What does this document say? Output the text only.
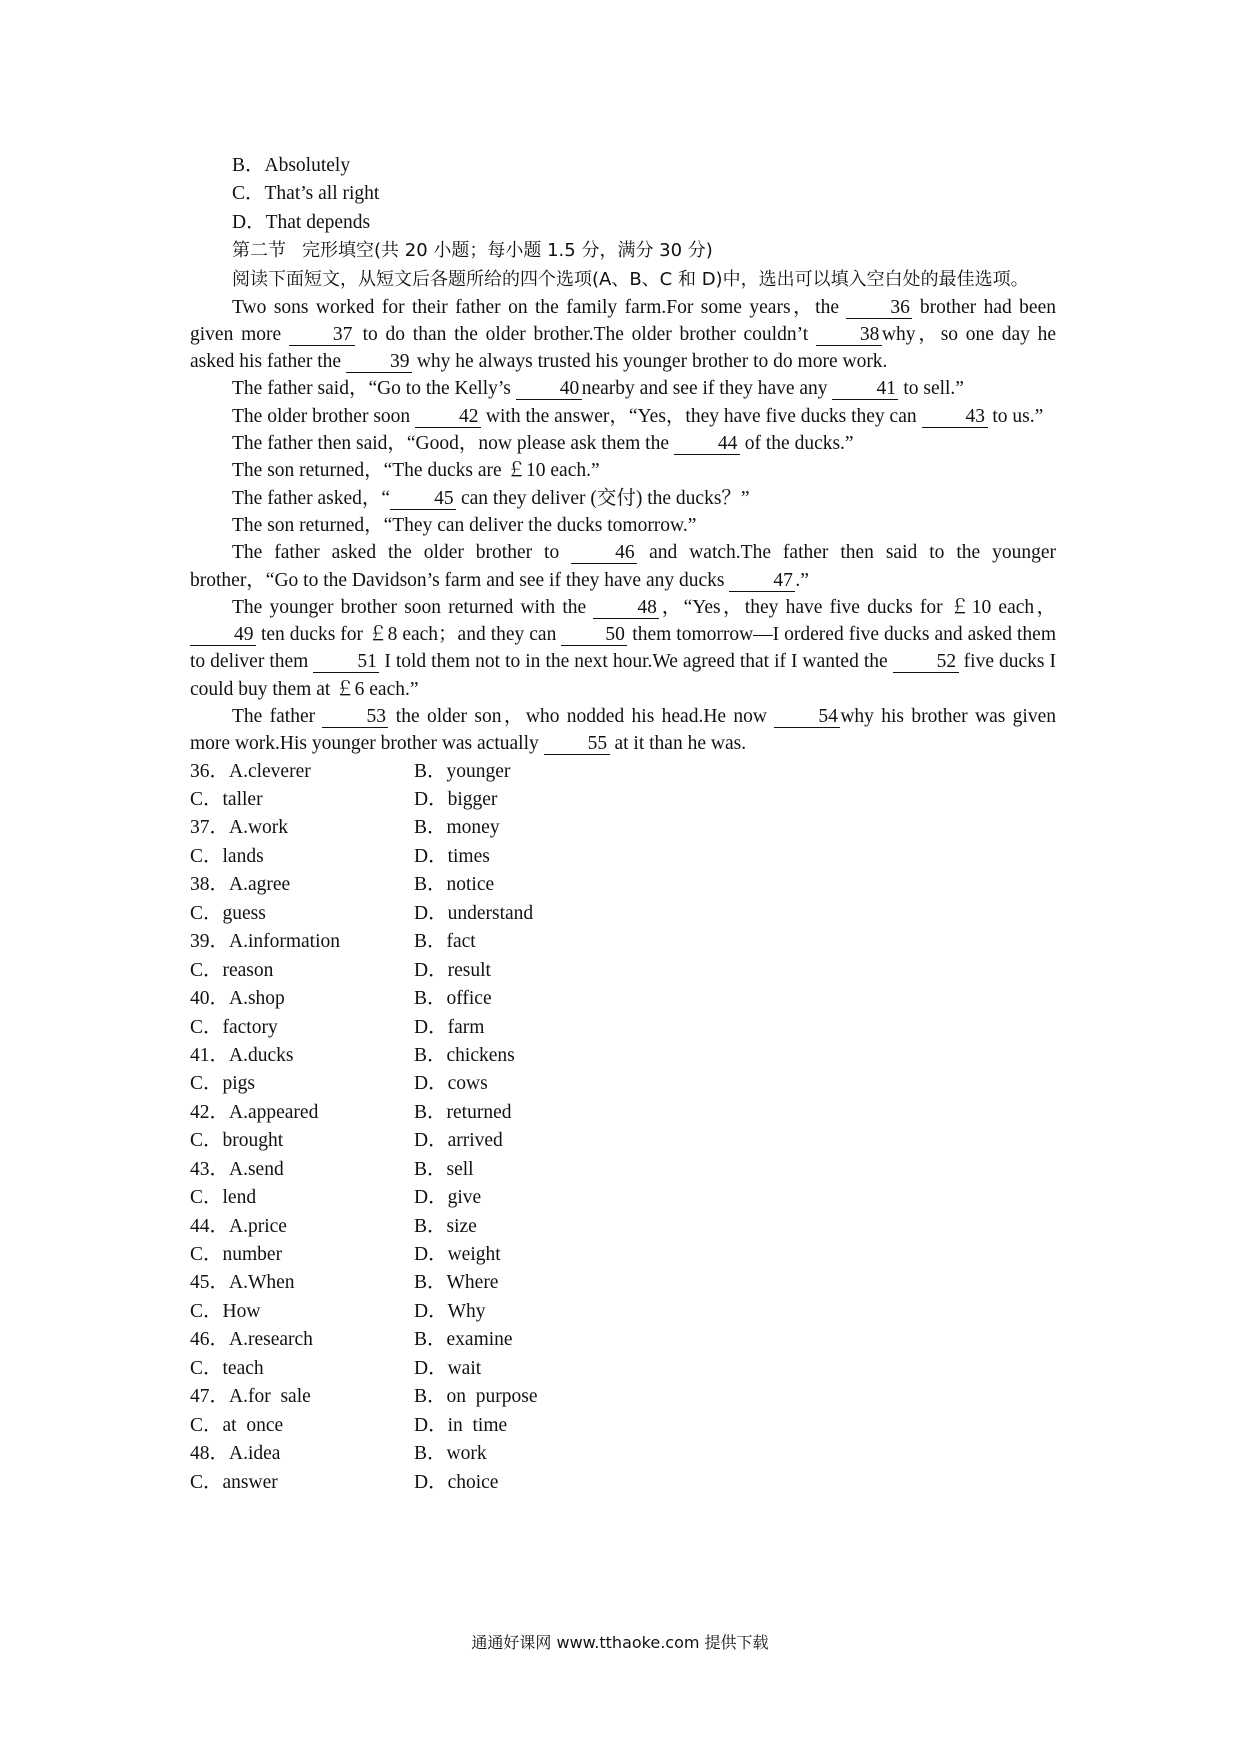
B．Absolutely
C．That’s all right
D．That depends
第二节 完形填空(共 20 小题；每小题 1.5 分，满分 30 分)

阅读下面短文，从短文后各题所给的四个选项(A、B、C 和 D)中，选出可以填入空白处的最佳选项。

Two sons worked for their father on the family farm.For some years，the 36 brother had been given more 37 to do than the older brother.The older brother couldn’t 38 why，so one day he asked his father the 39 why he always trusted his younger brother to do more work.

The father said，“Go to the Kelly’s 40 nearby and see if they have any 41 to sell.”

The older brother soon 42 with the answer，“Yes，they have five ducks they can 43 to us.”

The father then said，“Good，now please ask them the 44 of the ducks.”

The son returned，“The ducks are ￡10 each.”

The father asked，“ 45 can they deliver (交付) the ducks？”

The son returned，“They can deliver the ducks tomorrow.”

The father asked the older brother to 46 and watch.The father then said to the younger brother，“Go to the Davidson’s farm and see if they have any ducks 47 .”

The younger brother soon returned with the 48 ，“Yes，they have five ducks for ￡10 each，49 ten ducks for ￡8 each；and they can 50 them tomorrow—I ordered five ducks and asked them to deliver them 51 I told them not to in the next hour.We agreed that if I wanted the 52 five ducks I could buy them at ￡6 each.”

The father 53 the older son，who nodded his head.He now 54 why his brother was given more work.His younger brother was actually 55 at it than he was.

36．A.cleverer	B．younger
C．taller	D．bigger
37．A.work	B．money
C．lands	D．times
38．A.agree	B．notice
C．guess	D．understand
39．A.information	B．fact
C．reason	D．result
40．A.shop	B．office
C．factory	D．farm
41．A.ducks	B．chickens
C．pigs	D．cows
42．A.appeared	B．returned
C．brought	D．arrived
43．A.send	B．sell
C．lend	D．give
44．A.price	B．size
C．number	D．weight
45．A.When	B．Where
C．How	D．Why
46．A.research	B．examine
C．teach	D．wait
47．A.for  sale	B．on  purpose
C．at  once	D．in  time
48．A.idea	B．work
C．answer	D．choice
通通好课网 www.tthaoke.com 提供下载
